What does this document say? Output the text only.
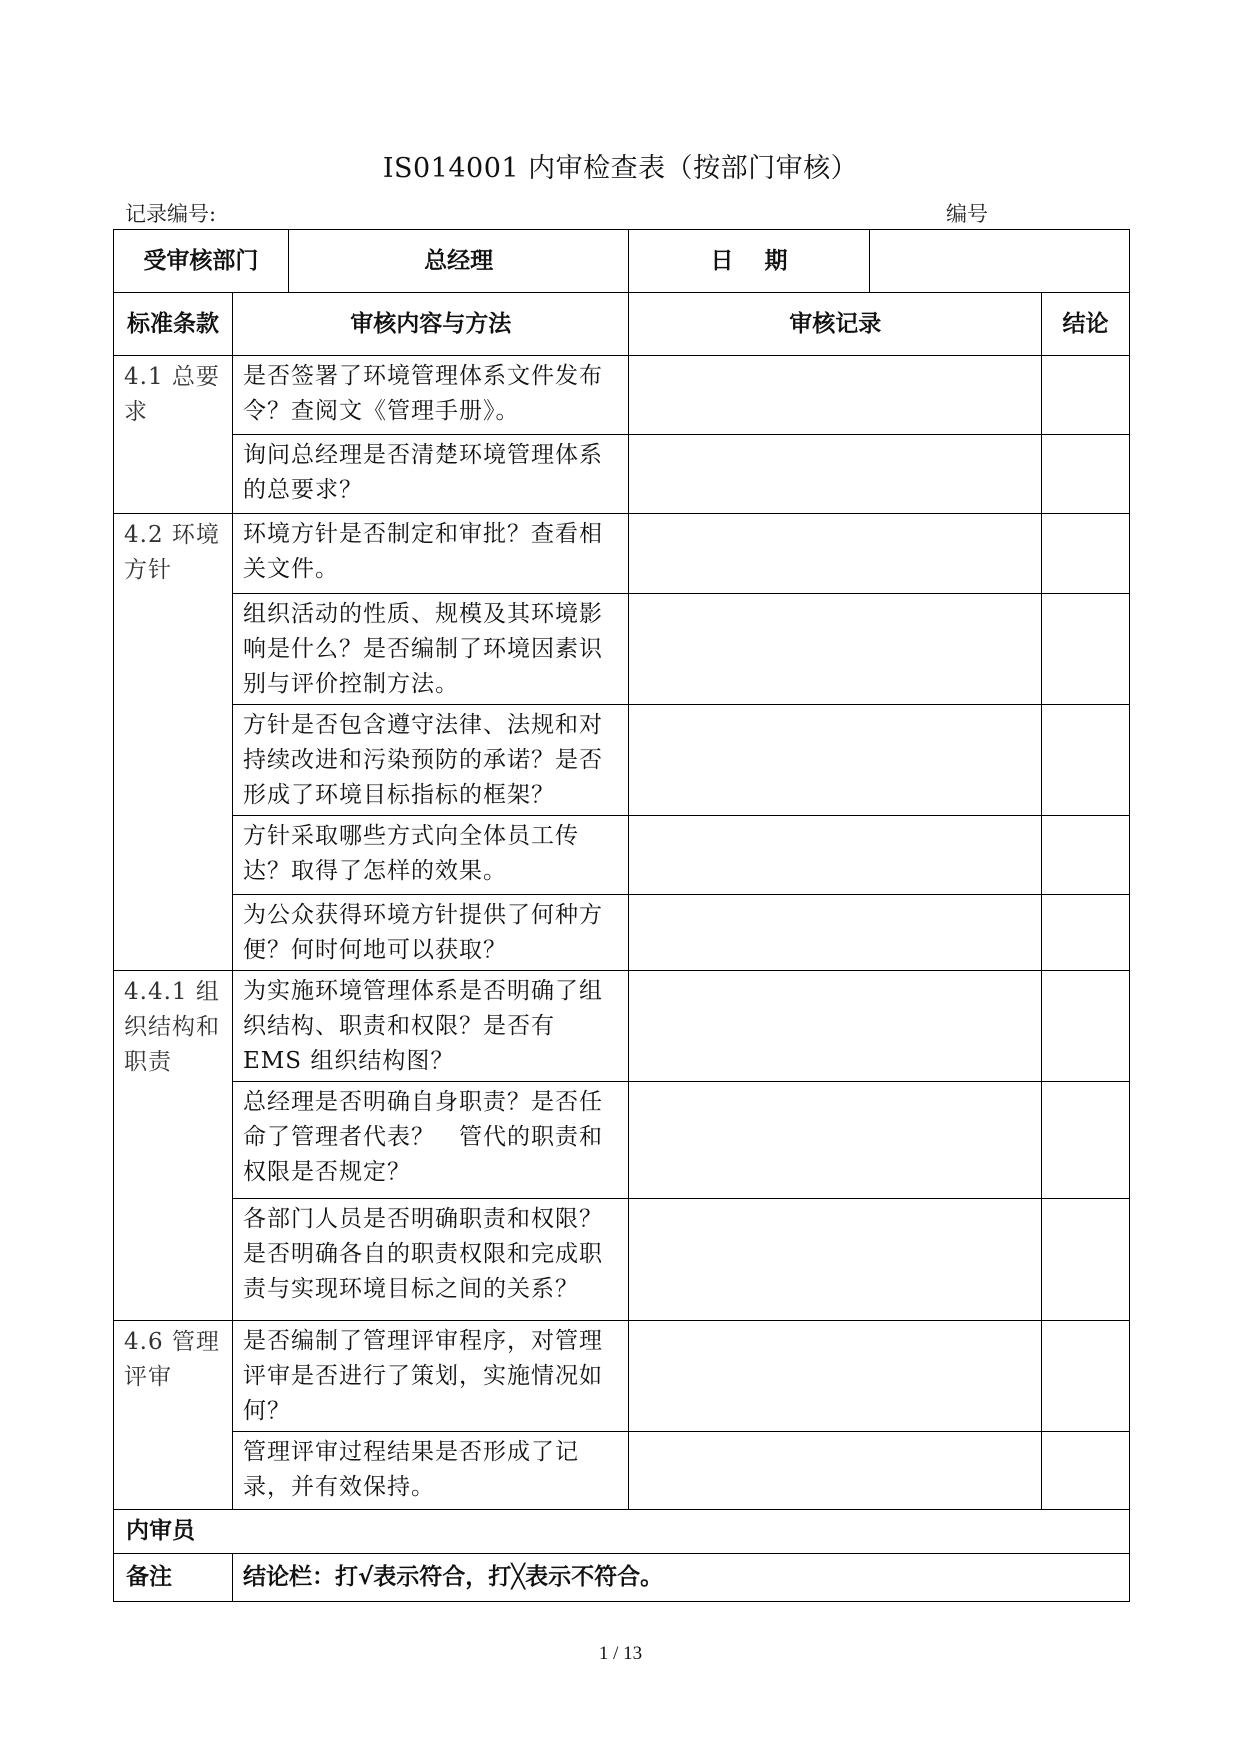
IS014001 内审检查表（按部门审核）
记录编号:	编号
受审核部门		总经理	日　 期		
标准条款	审核内容与方法		审核记录		结论
4.1 总要求	是否签署了环境管理体系文件发布令？查阅文《管理手册》。				
	询问总经理是否清楚环境管理体系的总要求？				
4.2 环境方针	环境方针是否制定和审批？查看相关文件。				
	组织活动的性质、规模及其环境影响是什么？是否编制了环境因素识别与评价控制方法。				
	方针是否包含遵守法律、法规和对持续改进和污染预防的承诺？是否形成了环境目标指标的框架？				
	方针采取哪些方式向全体员工传达？取得了怎样的效果。				
	为公众获得环境方针提供了何种方便？何时何地可以获取？				
4.4.1 组织结构和职责	为实施环境管理体系是否明确了组织结构、职责和权限？是否有 EMS 组织结构图？				
	总经理是否明确自身职责？是否任命了管理者代表？　管代的职责和权限是否规定？				
	各部门人员是否明确职责和权限？是否明确各自的职责权限和完成职责与实现环境目标之间的关系？				
4.6 管理评审	是否编制了管理评审程序，对管理评审是否进行了策划，实施情况如何？				
	管理评审过程结果是否形成了记录，并有效保持。				
内审员					
备注	结论栏：打√表示符合，打╳表示不符合。				
1 / 13
